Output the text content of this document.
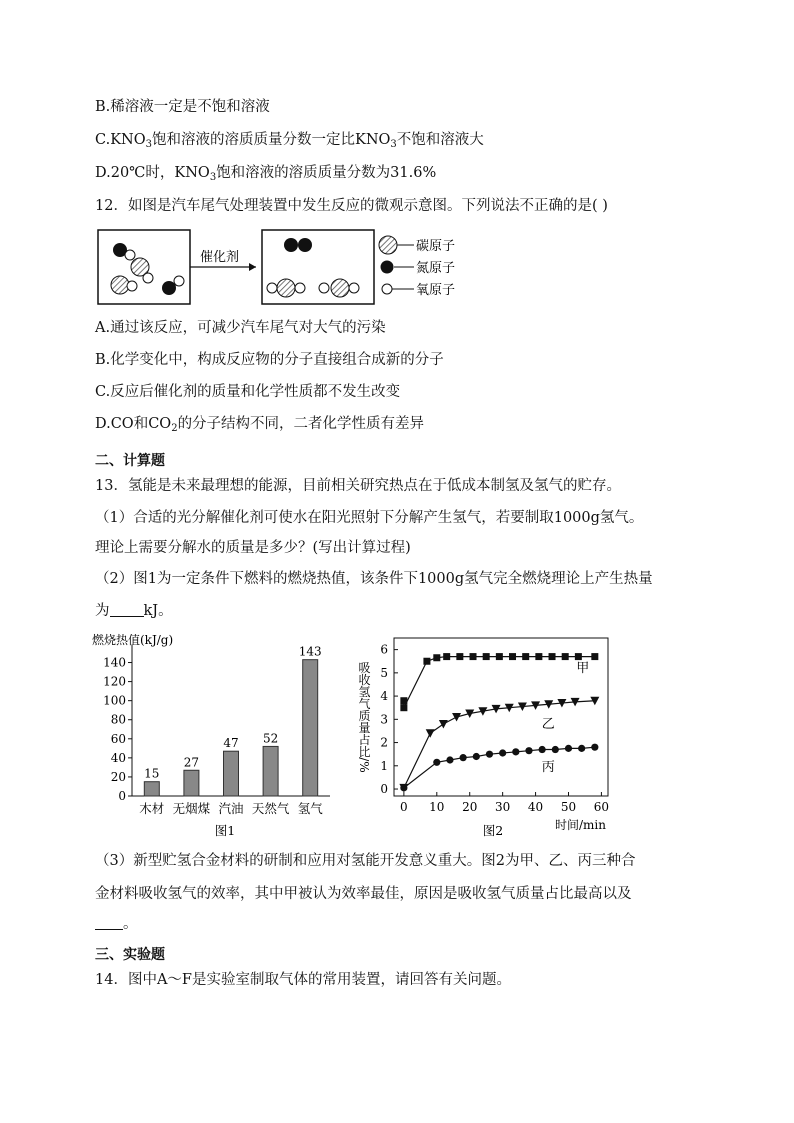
B.稀溶液一定是不饱和溶液
$C.KNO_3$饱和溶液的溶质质量分数一定比$KNO_3$不饱和溶液大
D.20℃时，$KNO_3$饱和溶液的溶质质量分数为31.6%
12．如图是汽车尾气处理装置中发生反应的微观示意图。下列说法不正确的是( )
催化剂
碳原子
氮原子
氧原子
A.通过该反应，可减少汽车尾气对大气的污染
B.化学变化中，构成反应物的分子直接组合成新的分子
C.反应后催化剂的质量和化学性质都不发生改变
D.CO和$CO_2$的分子结构不同，二者化学性质有差异
二、计算题
13．氢能是未来最理想的能源，目前相关研究热点在于低成本制氢及氢气的贮存。
（1）合适的光分解催化剂可使水在阳光照射下分解产生氢气，若要制取1000g氢气。
理论上需要分解水的质量是多少？(写出计算过程)
（2）图1为一定条件下燃料的燃烧热值，该条件下1000g氢气完全燃烧理论上产生热量
为 kJ。
燃烧热值(kJ/g)
0
20
40
60
80
100
120
140
15
木材
27
无烟煤
47
汽油
52
天然气
143
氢气
图1
0
1
2
3
4
5
6
0 10 20 30 40 50 60
吸收氢气质量占比/%
时间/min
图2
甲
乙
丙
（3）新型贮氢合金材料的研制和应用对氢能开发意义重大。图2为甲、乙、丙三种合
金材料吸收氢气的效率，其中甲被认为效率最佳，原因是吸收氢气质量占比最高以及
。
三、实验题
14．图中A～F是实验室制取气体的常用装置，请回答有关问题。
